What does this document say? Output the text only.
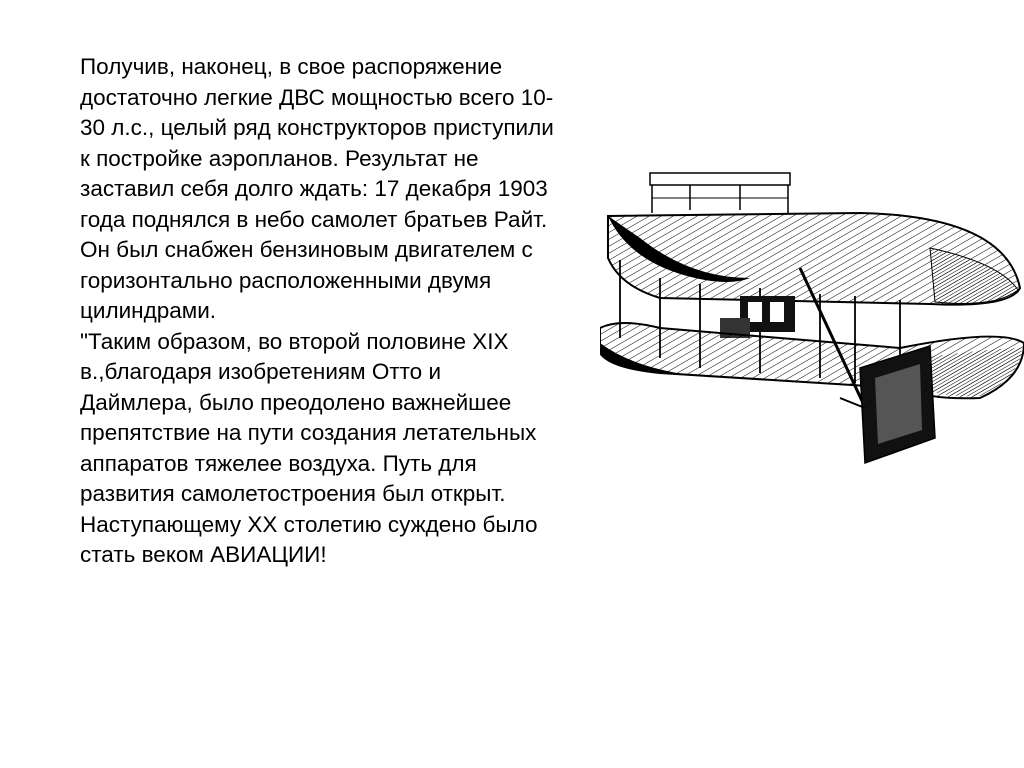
Получив, наконец, в свое распоряжение
достаточно легкие ДВС мощностью всего 10-
30 л.с., целый ряд конструкторов приступили
к постройке аэропланов. Результат не
заставил себя долго ждать: 17 декабря 1903
года поднялся в небо самолет братьев Райт.
Он был снабжен бензиновым двигателем с
горизонтально расположенными двумя
цилиндрами.
"Таким образом, во второй половине XIX
в.,благодаря изобретениям Отто и
Даймлера, было преодолено важнейшее
препятствие на пути создания летательных
аппаратов тяжелее воздуха. Путь для
развития самолетостроения был открыт.
Наступающему XX столетию суждено было
стать веком АВИАЦИИ!
